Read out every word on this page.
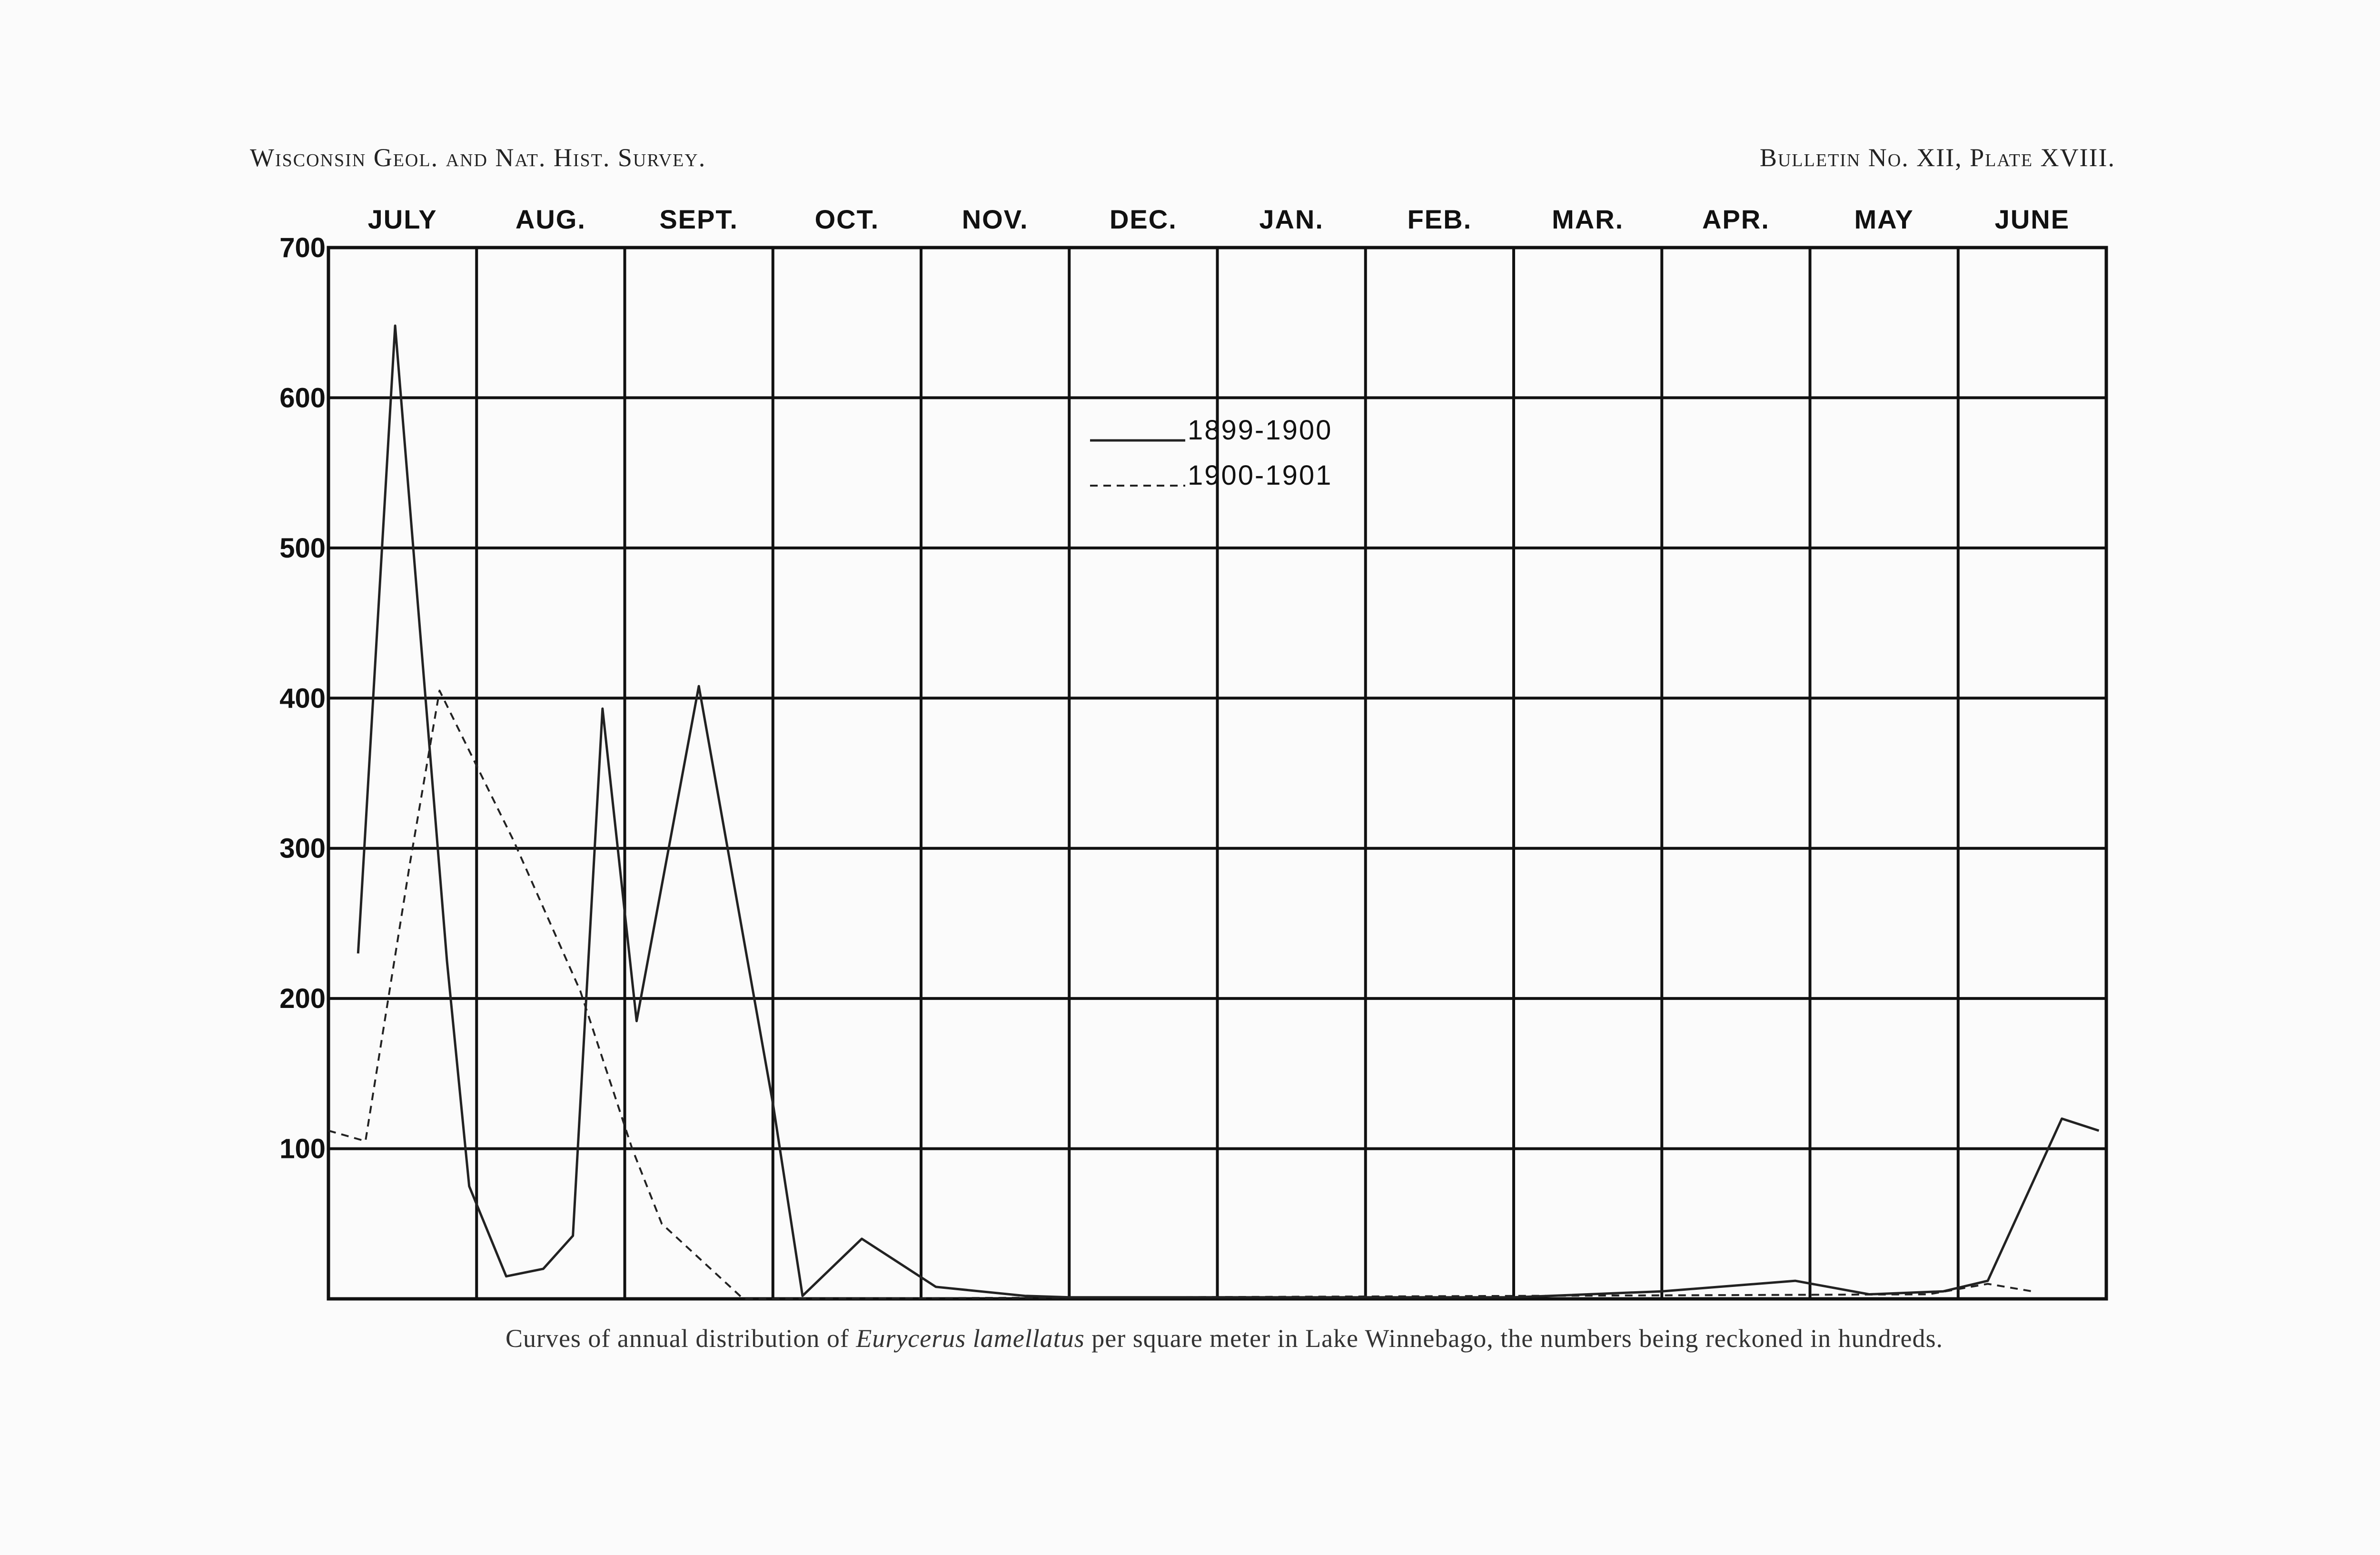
Wisconsin Geol. and Nat. Hist. Survey.	Bulletin No. XII, Plate XVIII.
JULY	AUG.	SEPT.	OCT.	NOV.	DEC.	JAN.	FEB.	MAR.	APR.	MAY	JUNE
100
200
300
400
500
600
700
1899-1900
1900-1901
Curves of annual distribution of Eurycerus lamellatus per square meter in Lake Winnebago, the numbers being reckoned in hundreds.
